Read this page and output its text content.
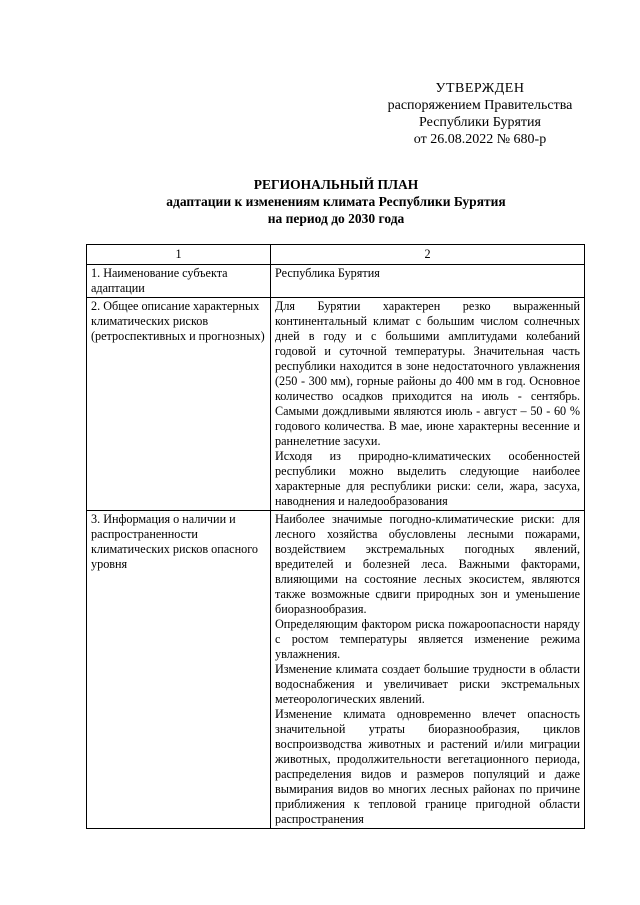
УТВЕРЖДЕН
распоряжением Правительства
Республики Бурятия
от 26.08.2022 № 680-р
РЕГИОНАЛЬНЫЙ ПЛАН
адаптации к изменениям климата Республики Бурятия
на период до 2030 года
1	2

1. Наименование субъекта адаптации	Республика Бурятия

2. Общее описание характерных климатических рисков (ретроспективных и прогнозных)	Для Бурятии характерен резко выраженный континентальный климат с большим числом солнечных дней в году и с большими амплитудами колебаний годовой и суточной температуры. Значительная часть республики находится в зоне недостаточного увлажнения (250 - 300 мм), горные районы до 400 мм в год. Основное количество осадков приходится на июль - сентябрь. Самыми дождливыми являются июль - август – 50 - 60 % годового количества. В мае, июне характерны весенние и раннелетние засухи.

Исходя из природно-климатических особенностей республики можно выделить следующие наиболее характерные для республики риски: сели, жара, засуха, наводнения и наледообразования

3. Информация о наличии и распространенности климатических рисков опасного уровня	Наиболее значимые погодно-климатические риски: для лесного хозяйства обусловлены лесными пожарами, воздействием экстремальных погодных явлений, вредителей и болезней леса. Важными факторами, влияющими на состояние лесных экосистем, являются также возможные сдвиги природных зон и уменьшение биоразнообразия.

Определяющим фактором риска пожароопасности наряду с ростом температуры является изменение режима увлажнения.

Изменение климата создает большие трудности в области водоснабжения и увеличивает риски экстремальных метеорологических явлений.

Изменение климата одновременно влечет опасность значительной утраты биоразнообразия, циклов воспроизводства животных и растений и/или миграции животных, продолжительности вегетационного периода, распределения видов и размеров популяций и даже вымирания видов во многих лесных районах по причине приближения к тепловой границе пригодной области распространения
